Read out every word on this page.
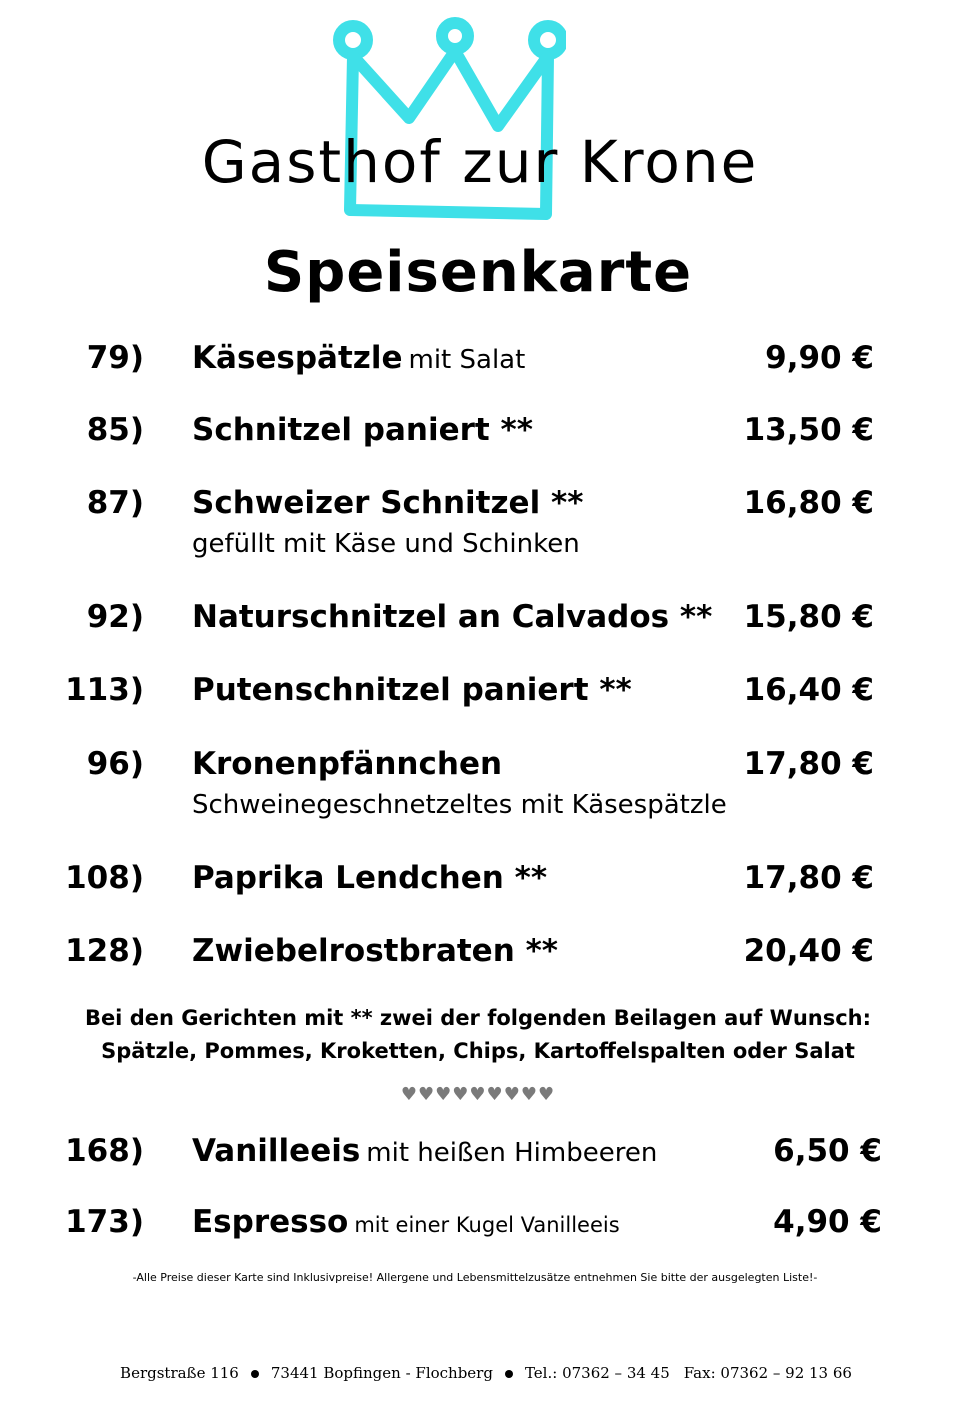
Gasthof zur Krone
Speisenkarte
79) Käsespätzle mit Salat	9,90 €
85) Schnitzel paniert **	13,50 €
87) Schweizer Schnitzel **	16,80 €
gefüllt mit Käse und Schinken
92) Naturschnitzel an Calvados ** 15,80 €
113) Putenschnitzel paniert **	16,40 €
96) Kronenpfännchen	17,80 €
Schweinegeschnetzeltes mit Käsespätzle
108) Paprika Lendchen **	17,80 €
128) Zwiebelrostbraten **	20,40 €
Bei den Gerichten mit ** zwei der folgenden Beilagen auf Wunsch:
Spätzle, Pommes, Kroketten, Chips, Kartoffelspalten oder Salat
♥♥♥♥♥♥♥♥♥
168) Vanilleeis mit heißen Himbeeren	6,50 €
173) Espresso mit einer Kugel Vanilleeis	4,90 €
-Alle Preise dieser Karte sind Inklusivpreise! Allergene und Lebensmittelzusätze entnehmen Sie bitte der ausgelegten Liste!-
Bergstraße 116 73441 Bopfingen - Flochberg Tel.: 07362 – 34 45 Fax: 07362 – 92 13 66
